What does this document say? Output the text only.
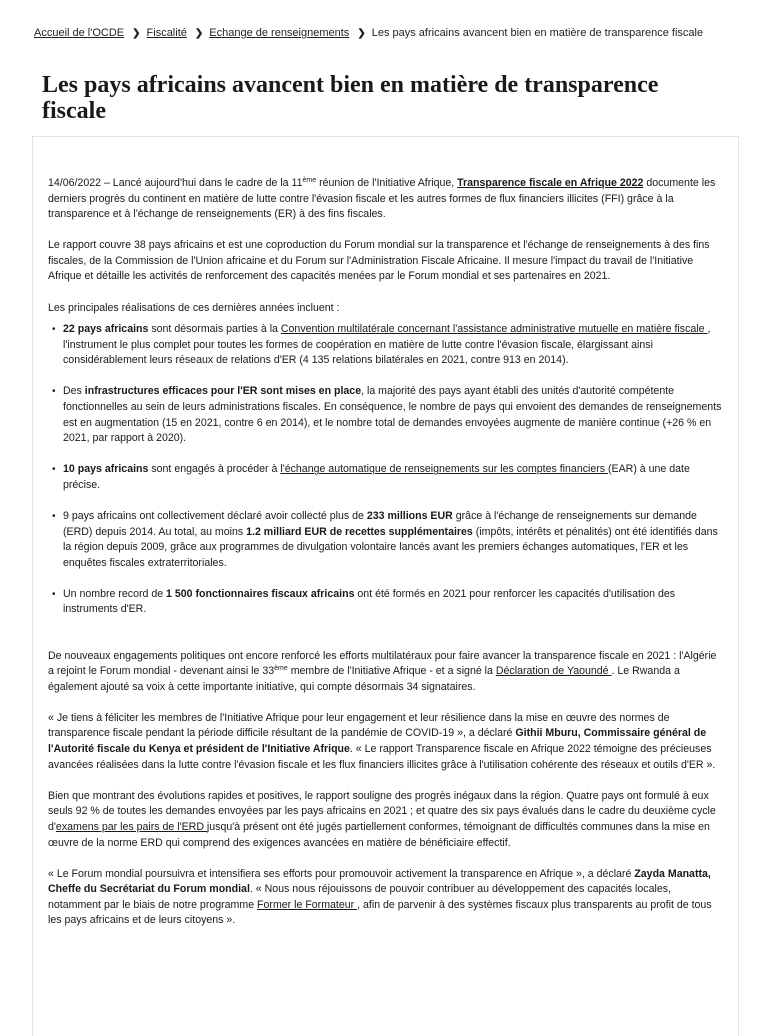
Accueil de l'OCDE ❯ Fiscalité ❯ Echange de renseignements ❯ Les pays africains avancent bien en matière de transparence fiscale
Les pays africains avancent bien en matière de transparence fiscale

14/06/2022 – Lancé aujourd'hui dans le cadre de la 11ème réunion de l'Initiative Afrique, Transparence fiscale en Afrique 2022 documente les derniers progrès du continent en matière de lutte contre l'évasion fiscale et les autres formes de flux financiers illicites (FFI) grâce à la transparence et à l'échange de renseignements (ER) à des fins fiscales.

Le rapport couvre 38 pays africains et est une coproduction du Forum mondial sur la transparence et l'échange de renseignements à des fins fiscales, de la Commission de l'Union africaine et du Forum sur l'Administration Fiscale Africaine. Il mesure l'impact du travail de l'Initiative Afrique et détaille les activités de renforcement des capacités menées par le Forum mondial et ses partenaires en 2021.

Les principales réalisations de ces dernières années incluent :

• 22 pays africains sont désormais parties à la Convention multilatérale concernant l'assistance administrative mutuelle en matière fiscale , l'instrument le plus complet pour toutes les formes de coopération en matière de lutte contre l'évasion fiscale, élargissant ainsi considérablement leurs réseaux de relations d'ER (4 135 relations bilatérales en 2021, contre 913 en 2014).
• Des infrastructures efficaces pour l'ER sont mises en place, la majorité des pays ayant établi des unités d'autorité compétente fonctionnelles au sein de leurs administrations fiscales. En conséquence, le nombre de pays qui envoient des demandes de renseignements est en augmentation (15 en 2021, contre 6 en 2014), et le nombre total de demandes envoyées augmente de manière continue (+26 % en 2021, par rapport à 2020).
• 10 pays africains sont engagés à procéder à l'échange automatique de renseignements sur les comptes financiers (EAR) à une date précise.
• 9 pays africains ont collectivement déclaré avoir collecté plus de 233 millions EUR grâce à l'échange de renseignements sur demande (ERD) depuis 2014. Au total, au moins 1.2 milliard EUR de recettes supplémentaires (impôts, intérêts et pénalités) ont été identifiés dans la région depuis 2009, grâce aux programmes de divulgation volontaire lancés avant les premiers échanges automatiques, l'ER et les enquêtes fiscales extraterritoriales.
• Un nombre record de 1 500 fonctionnaires fiscaux africains ont été formés en 2021 pour renforcer les capacités d'utilisation des instruments d'ER.

De nouveaux engagements politiques ont encore renforcé les efforts multilatéraux pour faire avancer la transparence fiscale en 2021 : l'Algérie a rejoint le Forum mondial - devenant ainsi le 33ème membre de l'Initiative Afrique - et a signé la Déclaration de Yaoundé . Le Rwanda a également ajouté sa voix à cette importante initiative, qui compte désormais 34 signataires.

« Je tiens à féliciter les membres de l'Initiative Afrique pour leur engagement et leur résilience dans la mise en œuvre des normes de transparence fiscale pendant la période difficile résultant de la pandémie de COVID-19 », a déclaré Githii Mburu, Commissaire général de l'Autorité fiscale du Kenya et président de l'Initiative Afrique. « Le rapport Transparence fiscale en Afrique 2022 témoigne des précieuses avancées réalisées dans la lutte contre l'évasion fiscale et les flux financiers illicites grâce à l'utilisation cohérente des réseaux et outils d'ER ».

Bien que montrant des évolutions rapides et positives, le rapport souligne des progrès inégaux dans la région. Quatre pays ont formulé à eux seuls 92 % de toutes les demandes envoyées par les pays africains en 2021 ; et quatre des six pays évalués dans le cadre du deuxième cycle d'examens par les pairs de l'ERD jusqu'à présent ont été jugés partiellement conformes, témoignant de difficultés communes dans la mise en œuvre de la norme ERD qui comprend des exigences avancées en matière de bénéficiaire effectif.

« Le Forum mondial poursuivra et intensifiera ses efforts pour promouvoir activement la transparence en Afrique », a déclaré Zayda Manatta, Cheffe du Secrétariat du Forum mondial. « Nous nous réjouissons de pouvoir contribuer au développement des capacités locales, notamment par le biais de notre programme Former le Formateur , afin de parvenir à des systèmes fiscaux plus transparents au profit de tous les pays africains et de leurs citoyens ».
